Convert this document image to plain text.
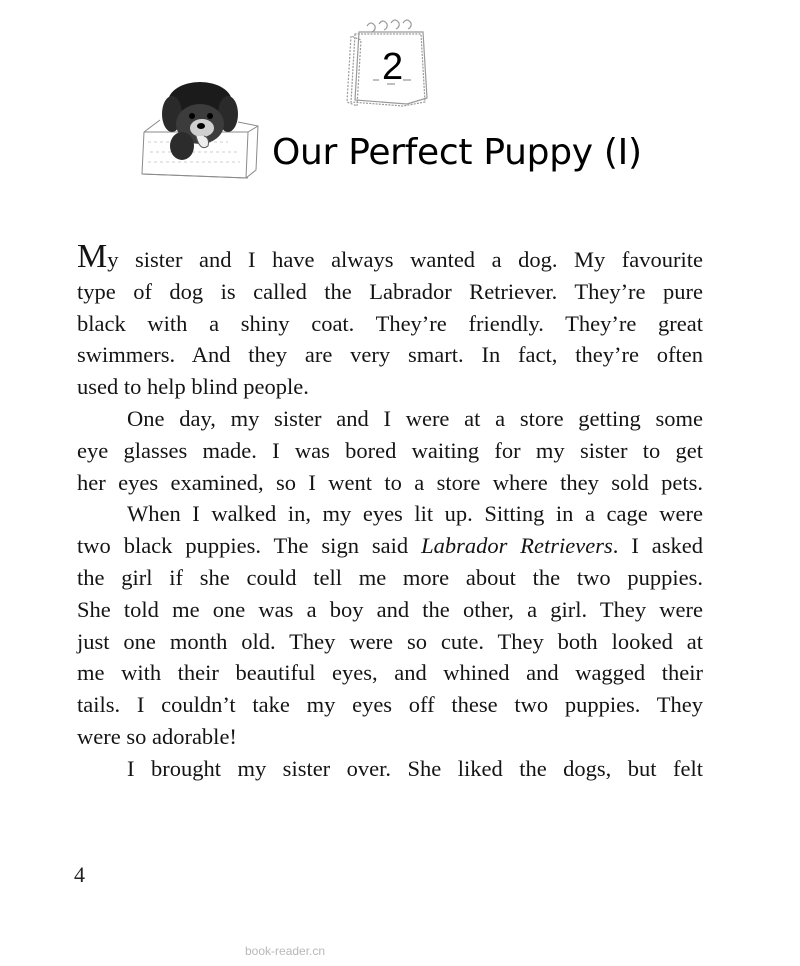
2
Our Perfect Puppy (I)
My sister and I have always wanted a dog. My favourite
type of dog is called the Labrador Retriever. They’re pure
black with a shiny coat. They’re friendly. They’re great
swimmers. And they are very smart. In fact, they’re often
used to help blind people.
One day, my sister and I were at a store getting some
eye glasses made. I was bored waiting for my sister to get
her eyes examined, so I went to a store where they sold pets.
When I walked in, my eyes lit up. Sitting in a cage were
two black puppies. The sign said Labrador Retrievers. I asked
the girl if she could tell me more about the two puppies.
She told me one was a boy and the other, a girl. They were
just one month old. They were so cute. They both looked at
me with their beautiful eyes, and whined and wagged their
tails. I couldn’t take my eyes off these two puppies. They
were so adorable!
I brought my sister over. She liked the dogs, but felt
4
book-reader.cn
